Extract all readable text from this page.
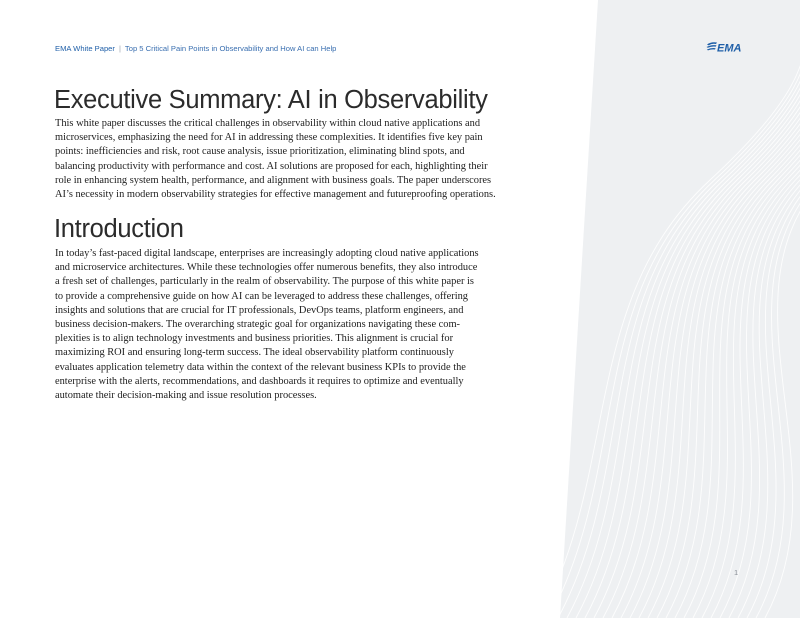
EMA White Paper | Top 5 Critical Pain Points in Observability and How AI can Help	EMA
Executive Summary: AI in Observability

This white paper discusses the critical challenges in observability within cloud native applications and
microservices, emphasizing the need for AI in addressing these complexities. It identifies five key pain
points: inefficiencies and risk, root cause analysis, issue prioritization, eliminating blind spots, and
balancing productivity with performance and cost. AI solutions are proposed for each, highlighting their
role in enhancing system health, performance, and alignment with business goals. The paper underscores
AI’s necessity in modern observability strategies for effective management and futureproofing operations.

Introduction

In today’s fast-paced digital landscape, enterprises are increasingly adopting cloud native applications
and microservice architectures. While these technologies offer numerous benefits, they also introduce
a fresh set of challenges, particularly in the realm of observability. The purpose of this white paper is
to provide a comprehensive guide on how AI can be leveraged to address these challenges, offering
insights and solutions that are crucial for IT professionals, DevOps teams, platform engineers, and
business decision-makers. The overarching strategic goal for organizations navigating these com-
plexities is to align technology investments and business priorities. This alignment is crucial for
maximizing ROI and ensuring long-term success. The ideal observability platform continuously
evaluates application telemetry data within the context of the relevant business KPIs to provide the
enterprise with the alerts, recommendations, and dashboards it requires to optimize and eventually
automate their decision-making and issue resolution processes.

1
